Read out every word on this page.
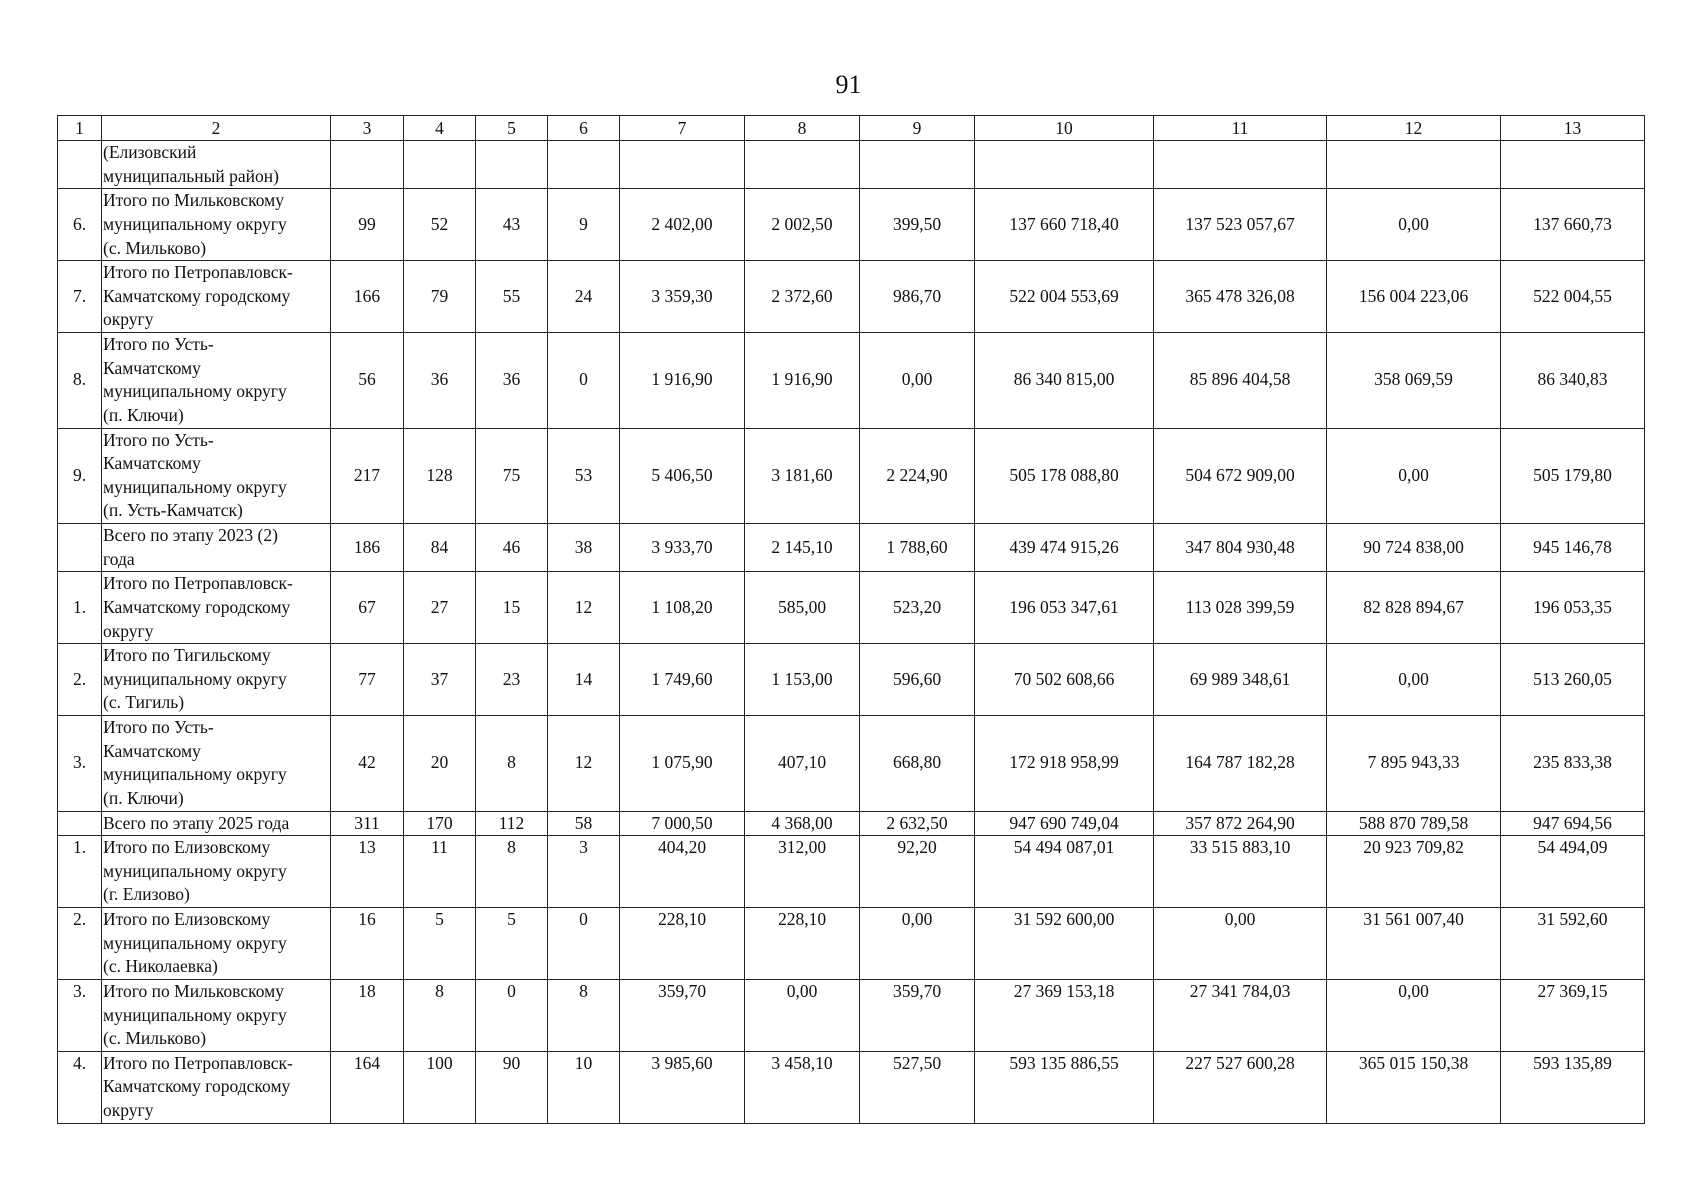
91
1	2	3	4	5	6	7	8	9	10	11	12	13
	(Елизовский
муниципальный район)											
6.	Итого по Мильковскому
муниципальному округу
(с. Мильково)	99	52	43	9	2 402,00	2 002,50	399,50	137 660 718,40	137 523 057,67	0,00	137 660,73
7.	Итого по Петропавловск-
Камчатскому городскому
округу	166	79	55	24	3 359,30	2 372,60	986,70	522 004 553,69	365 478 326,08	156 004 223,06	522 004,55
8.	Итого по Усть-
Камчатскому
муниципальному округу
(п. Ключи)	56	36	36	0	1 916,90	1 916,90	0,00	86 340 815,00	85 896 404,58	358 069,59	86 340,83
9.	Итого по Усть-
Камчатскому
муниципальному округу
(п. Усть-Камчатск)	217	128	75	53	5 406,50	3 181,60	2 224,90	505 178 088,80	504 672 909,00	0,00	505 179,80
	Всего по этапу 2023 (2)
года	186	84	46	38	3 933,70	2 145,10	1 788,60	439 474 915,26	347 804 930,48	90 724 838,00	945 146,78
1.	Итого по Петропавловск-
Камчатскому городскому
округу	67	27	15	12	1 108,20	585,00	523,20	196 053 347,61	113 028 399,59	82 828 894,67	196 053,35
2.	Итого по Тигильскому
муниципальному округу
(с. Тигиль)	77	37	23	14	1 749,60	1 153,00	596,60	70 502 608,66	69 989 348,61	0,00	513 260,05
3.	Итого по Усть-
Камчатскому
муниципальному округу
(п. Ключи)	42	20	8	12	1 075,90	407,10	668,80	172 918 958,99	164 787 182,28	7 895 943,33	235 833,38
	Всего по этапу 2025 года	311	170	112	58	7 000,50	4 368,00	2 632,50	947 690 749,04	357 872 264,90	588 870 789,58	947 694,56
1.	Итого по Елизовскому
муниципальному округу
(г. Елизово)	13	11	8	3	404,20	312,00	92,20	54 494 087,01	33 515 883,10	20 923 709,82	54 494,09
2.	Итого по Елизовскому
муниципальному округу
(с. Николаевка)	16	5	5	0	228,10	228,10	0,00	31 592 600,00	0,00	31 561 007,40	31 592,60
3.	Итого по Мильковскому
муниципальному округу
(с. Мильково)	18	8	0	8	359,70	0,00	359,70	27 369 153,18	27 341 784,03	0,00	27 369,15
4.	Итого по Петропавловск-
Камчатскому городскому
округу	164	100	90	10	3 985,60	3 458,10	527,50	593 135 886,55	227 527 600,28	365 015 150,38	593 135,89
